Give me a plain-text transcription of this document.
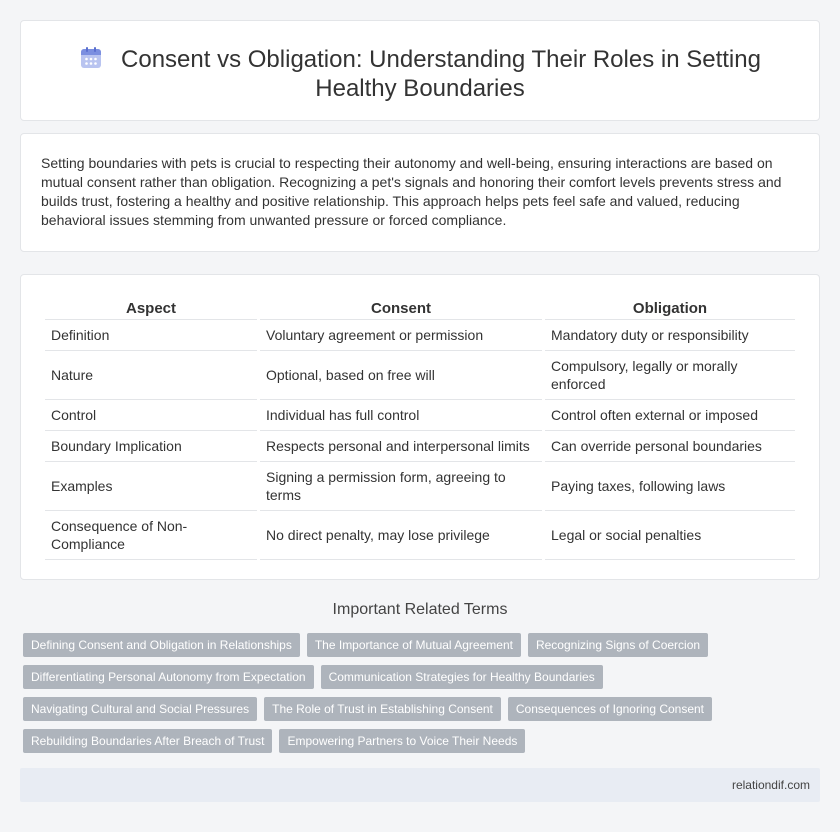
Consent vs Obligation: Understanding Their Roles in Setting Healthy Boundaries

Setting boundaries with pets is crucial to respecting their autonomy and well-being, ensuring interactions are based on mutual consent rather than obligation. Recognizing a pet's signals and honoring their comfort levels prevents stress and builds trust, fostering a healthy and positive relationship. This approach helps pets feel safe and valued, reducing behavioral issues stemming from unwanted pressure or forced compliance.

Aspect	Consent	Obligation
Definition	Voluntary agreement or permission	Mandatory duty or responsibility
Nature	Optional, based on free will	Compulsory, legally or morally enforced
Control	Individual has full control	Control often external or imposed
Boundary Implication	Respects personal and interpersonal limits	Can override personal boundaries
Examples	Signing a permission form, agreeing to terms	Paying taxes, following laws
Consequence of Non-Compliance	No direct penalty, may lose privilege	Legal or social penalties
Important Related Terms
Defining Consent and Obligation in Relationships	The Importance of Mutual Agreement	Recognizing Signs of Coercion
Differentiating Personal Autonomy from Expectation	Communication Strategies for Healthy Boundaries
Navigating Cultural and Social Pressures	The Role of Trust in Establishing Consent	Consequences of Ignoring Consent
Rebuilding Boundaries After Breach of Trust	Empowering Partners to Voice Their Needs
relationdif.com
